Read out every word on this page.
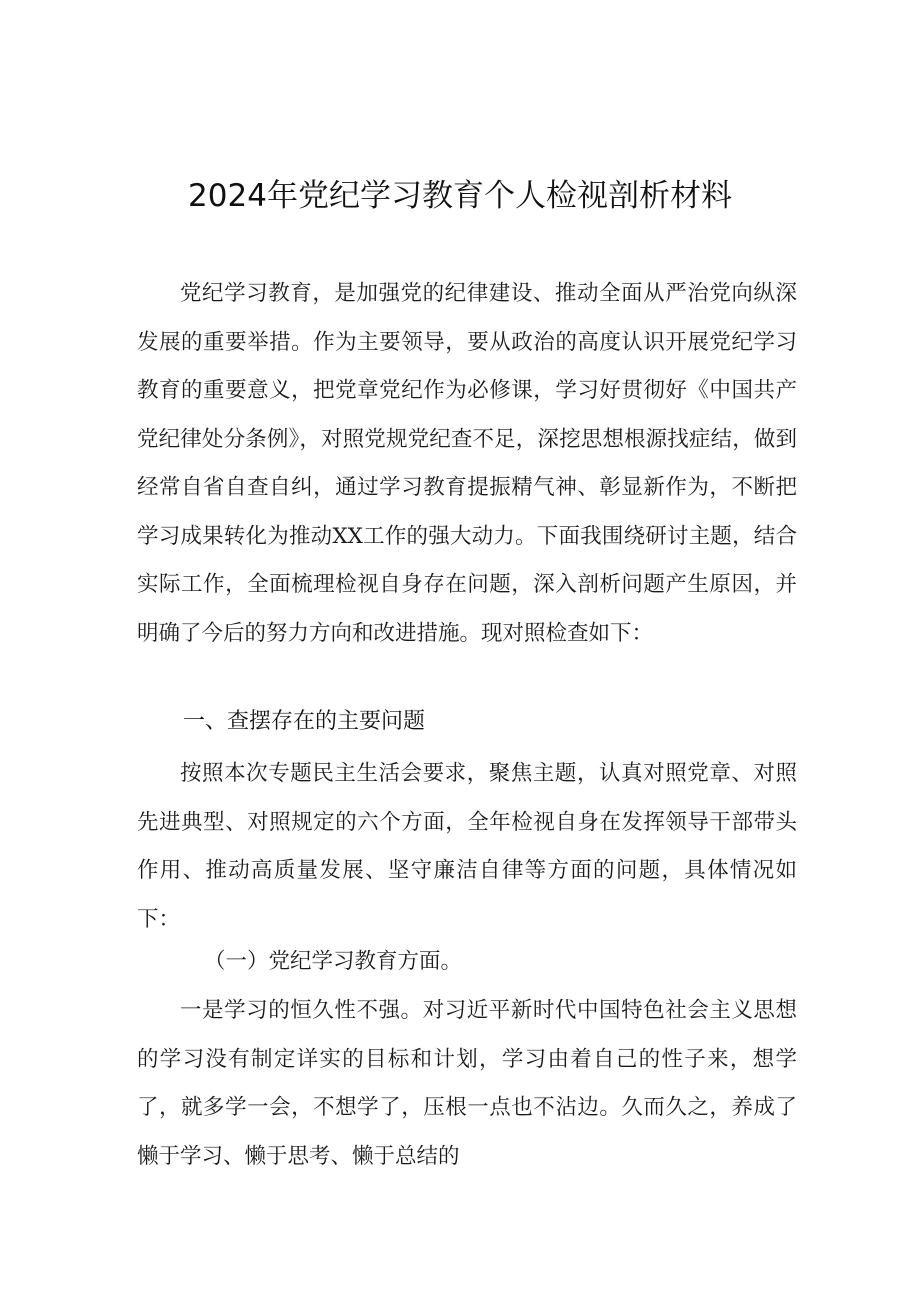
2024年党纪学习教育个人检视剖析材料

党纪学习教育，是加强党的纪律建设、推动全面从严治党向纵深发展的重要举措。作为主要领导，要从政治的高度认识开展党纪学习教育的重要意义，把党章党纪作为必修课，学习好贯彻好《中国共产党纪律处分条例》，对照党规党纪查不足，深挖思想根源找症结，做到经常自省自查自纠，通过学习教育提振精气神、彰显新作为，不断把学习成果转化为推动XX工作的强大动力。下面我围绕研讨主题，结合实际工作，全面梳理检视自身存在问题，深入剖析问题产生原因，并明确了今后的努力方向和改进措施。现对照检查如下：

一、查摆存在的主要问题

按照本次专题民主生活会要求，聚焦主题，认真对照党章、对照先进典型、对照规定的六个方面，全年检视自身在发挥领导干部带头作用、推动高质量发展、坚守廉洁自律等方面的问题，具体情况如下：

（一）党纪学习教育方面。

一是学习的恒久性不强。对习近平新时代中国特色社会主义思想的学习没有制定详实的目标和计划，学习由着自己的性子来，想学了，就多学一会，不想学了，压根一点也不沾边。久而久之，养成了懒于学习、懒于思考、懒于总结的
